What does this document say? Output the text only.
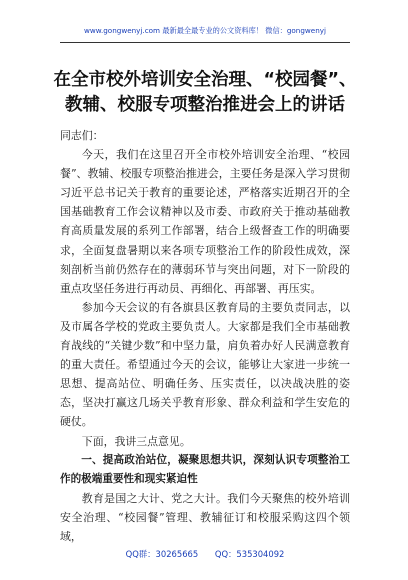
www.gongwenyj.com 最新最全最专业的公文资料库！ 微信：gongwenyj
在全市校外培训安全治理、“校园餐”、
教辅、校服专项整治推进会上的讲话

同志们：

今天，我们在这里召开全市校外培训安全治理、“校园餐”、教辅、校服专项整治推进会，主要任务是深入学习贯彻习近平总书记关于教育的重要论述，严格落实近期召开的全国基础教育工作会议精神以及市委、市政府关于推动基础教育高质量发展的系列工作部署，结合上级督查工作的明确要求，全面复盘暑期以来各项专项整治工作的阶段性成效，深刻剖析当前仍然存在的薄弱环节与突出问题，对下一阶段的重点攻坚任务进行再动员、再细化、再部署、再压实。

参加今天会议的有各旗县区教育局的主要负责同志，以及市属各学校的党政主要负责人。大家都是我们全市基础教育战线的“关键少数”和中坚力量，肩负着办好人民满意教育的重大责任。希望通过今天的会议，能够让大家进一步统一思想、提高站位、明确任务、压实责任，以决战决胜的姿态，坚决打赢这几场关乎教育形象、群众利益和学生安危的硬仗。

下面，我讲三点意见。

一、提高政治站位，凝聚思想共识，深刻认识专项整治工作的极端重要性和现实紧迫性

教育是国之大计、党之大计。我们今天聚焦的校外培训安全治理、“校园餐”管理、教辅征订和校服采购这四个领域，

QQ群：30265665 QQ：535304092
